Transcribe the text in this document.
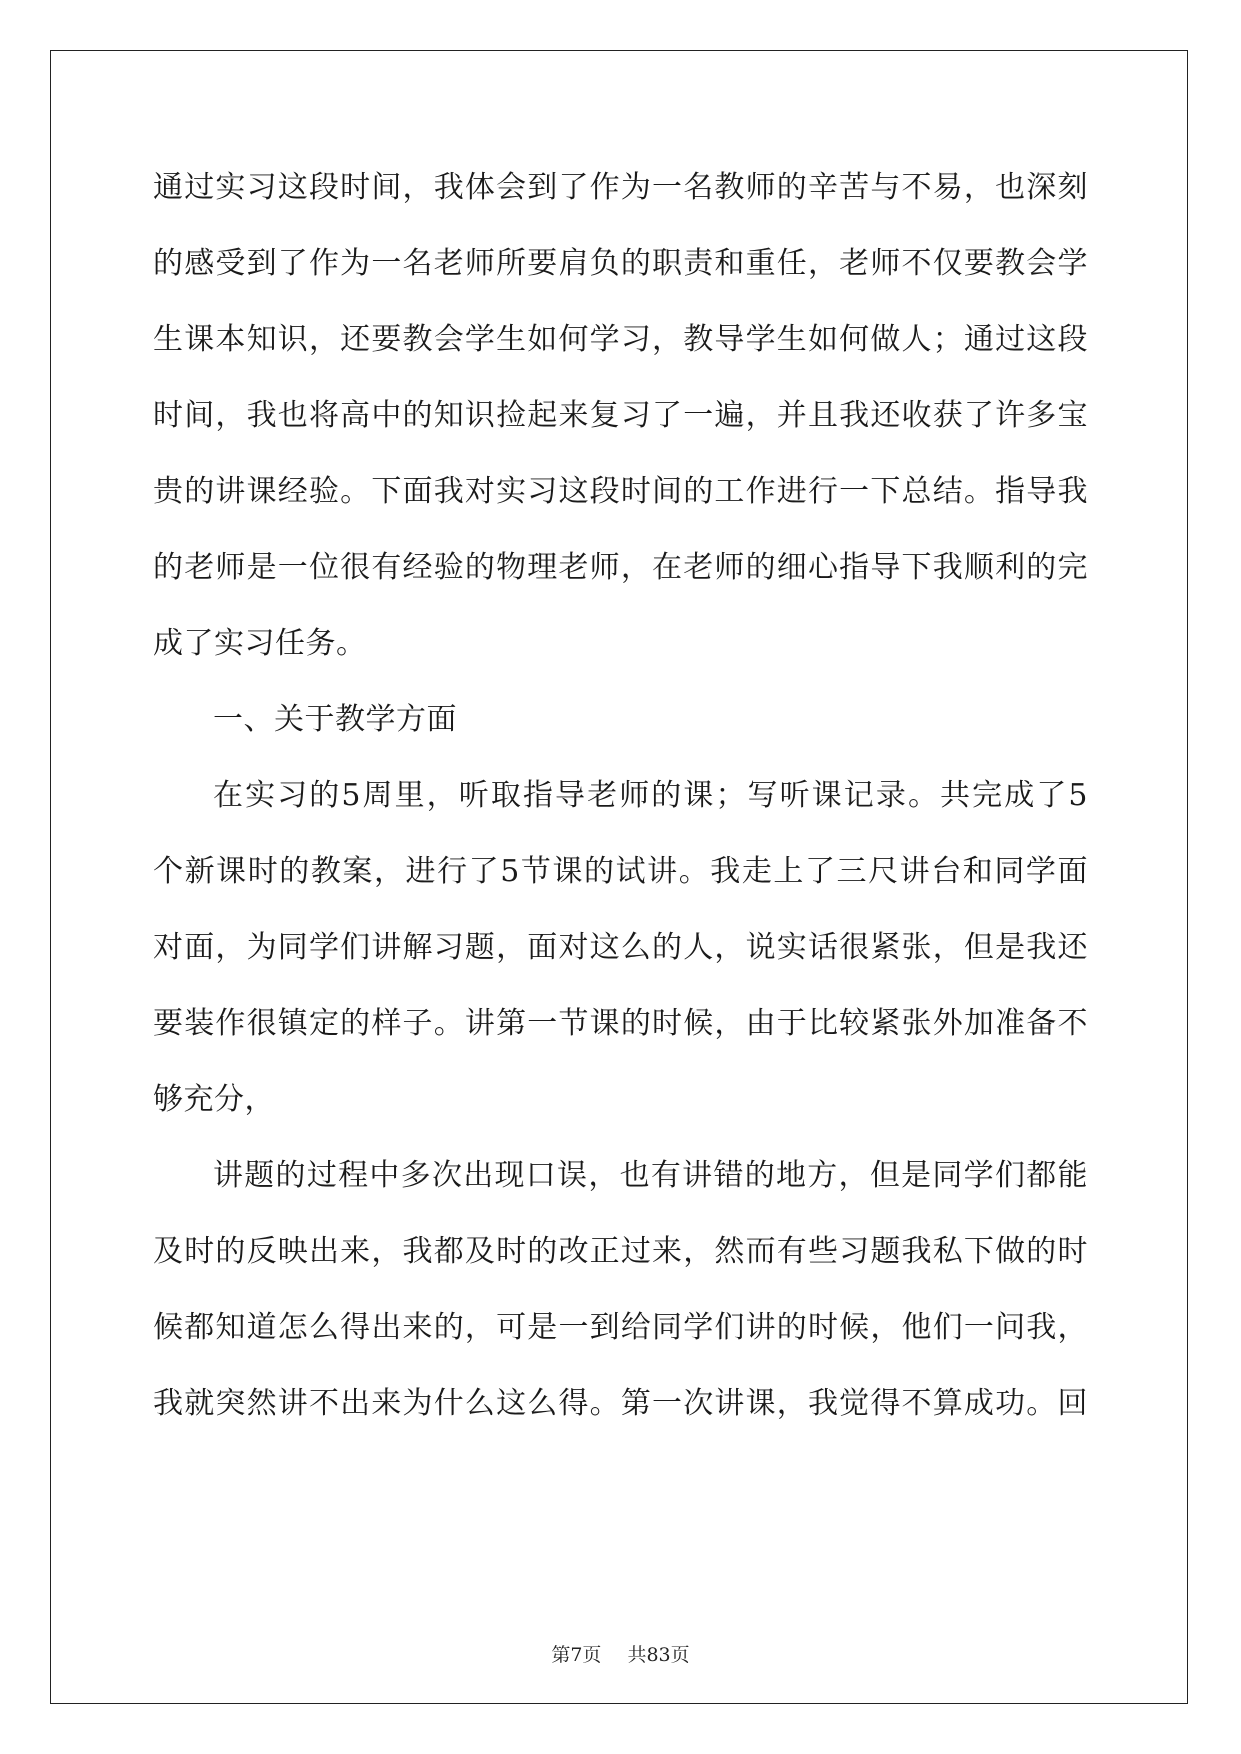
通过实习这段时间，我体会到了作为一名教师的辛苦与不易，也深刻
的感受到了作为一名老师所要肩负的职责和重任，老师不仅要教会学
生课本知识，还要教会学生如何学习，教导学生如何做人；通过这段
时间，我也将高中的知识捡起来复习了一遍，并且我还收获了许多宝
贵的讲课经验。下面我对实习这段时间的工作进行一下总结。指导我
的老师是一位很有经验的物理老师，在老师的细心指导下我顺利的完
成了实习任务。
一、关于教学方面
在实习的5周里，听取指导老师的课；写听课记录。共完成了5
个新课时的教案，进行了5节课的试讲。我走上了三尺讲台和同学面
对面，为同学们讲解习题，面对这么的人，说实话很紧张，但是我还
要装作很镇定的样子。讲第一节课的时候，由于比较紧张外加准备不
够充分，
讲题的过程中多次出现口误，也有讲错的地方，但是同学们都能
及时的反映出来，我都及时的改正过来，然而有些习题我私下做的时
候都知道怎么得出来的，可是一到给同学们讲的时候，他们一问我，
我就突然讲不出来为什么这么得。第一次讲课，我觉得不算成功。回
第7页 共83页
